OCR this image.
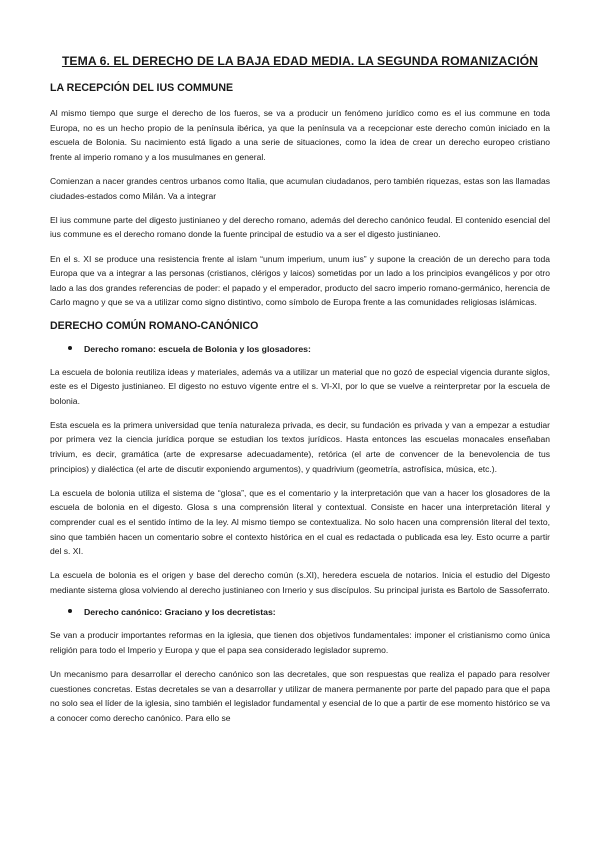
TEMA 6. EL DERECHO DE LA BAJA EDAD MEDIA. LA SEGUNDA ROMANIZACIÓN
LA RECEPCIÓN DEL IUS COMMUNE

Al mismo tiempo que surge el derecho de los fueros, se va a producir un fenómeno jurídico como es el ius commune en toda Europa, no es un hecho propio de la península ibérica, ya que la península va a recepcionar este derecho común iniciado en la escuela de Bolonia. Su nacimiento está ligado a una serie de situaciones, como la idea de crear un derecho europeo cristiano frente al imperio romano y a los musulmanes en general.

Comienzan a nacer grandes centros urbanos como Italia, que acumulan ciudadanos, pero también riquezas, estas son las llamadas ciudades-estados como Milán. Va a integrar

El ius commune parte del digesto justinianeo y del derecho romano, además del derecho canónico feudal. El contenido esencial del ius commune es el derecho romano donde la fuente principal de estudio va a ser el digesto justinianeo.

En el s. XI se produce una resistencia frente al islam “unum imperium, unum ius” y supone la creación de un derecho para toda Europa que va a integrar a las personas (cristianos, clérigos y laicos) sometidas por un lado a los principios evangélicos y por otro lado a las dos grandes referencias de poder: el papado y el emperador, producto del sacro imperio romano-germánico, herencia de Carlo magno y que se va a utilizar como signo distintivo, como símbolo de Europa frente a las comunidades religiosas islámicas.

DERECHO COMÚN ROMANO-CANÓNICO
Derecho romano: escuela de Bolonia y los glosadores:

La escuela de bolonia reutiliza ideas y materiales, además va a utilizar un material que no gozó de especial vigencia durante siglos, este es el Digesto justinianeo. El digesto no estuvo vigente entre el s. VI-XI, por lo que se vuelve a reinterpretar por la escuela de bolonia.

Esta escuela es la primera universidad que tenía naturaleza privada, es decir, su fundación es privada y van a empezar a estudiar por primera vez la ciencia jurídica porque se estudian los textos jurídicos. Hasta entonces las escuelas monacales enseñaban trivium, es decir, gramática (arte de expresarse adecuadamente), retórica (el arte de convencer de la benevolencia de tus principios) y dialéctica (el arte de discutir exponiendo argumentos), y quadrivium (geometría, astrofísica, música, etc.).

La escuela de bolonia utiliza el sistema de “glosa”, que es el comentario y la interpretación que van a hacer los glosadores de la escuela de bolonia en el digesto. Glosa s una comprensión literal y contextual. Consiste en hacer una interpretación literal y comprender cual es el sentido íntimo de la ley. Al mismo tiempo se contextualiza. No solo hacen una comprensión literal del texto, sino que también hacen un comentario sobre el contexto histórica en el cual es redactada o publicada esa ley. Esto ocurre a partir del s. XI.

La escuela de bolonia es el origen y base del derecho común (s.XI), heredera escuela de notarios. Inicia el estudio del Digesto mediante sistema glosa volviendo al derecho justinianeo con Irnerio y sus discípulos. Su principal jurista es Bartolo de Sassoferrato.

Derecho canónico: Graciano y los decretistas:

Se van a producir importantes reformas en la iglesia, que tienen dos objetivos fundamentales: imponer el cristianismo como única religión para todo el Imperio y Europa y que el papa sea considerado legislador supremo.

Un mecanismo para desarrollar el derecho canónico son las decretales, que son respuestas que realiza el papado para resolver cuestiones concretas. Estas decretales se van a desarrollar y utilizar de manera permanente por parte del papado para que el papa no solo sea el líder de la iglesia, sino también el legislador fundamental y esencial de lo que a partir de ese momento histórico se va a conocer como derecho canónico. Para ello se
